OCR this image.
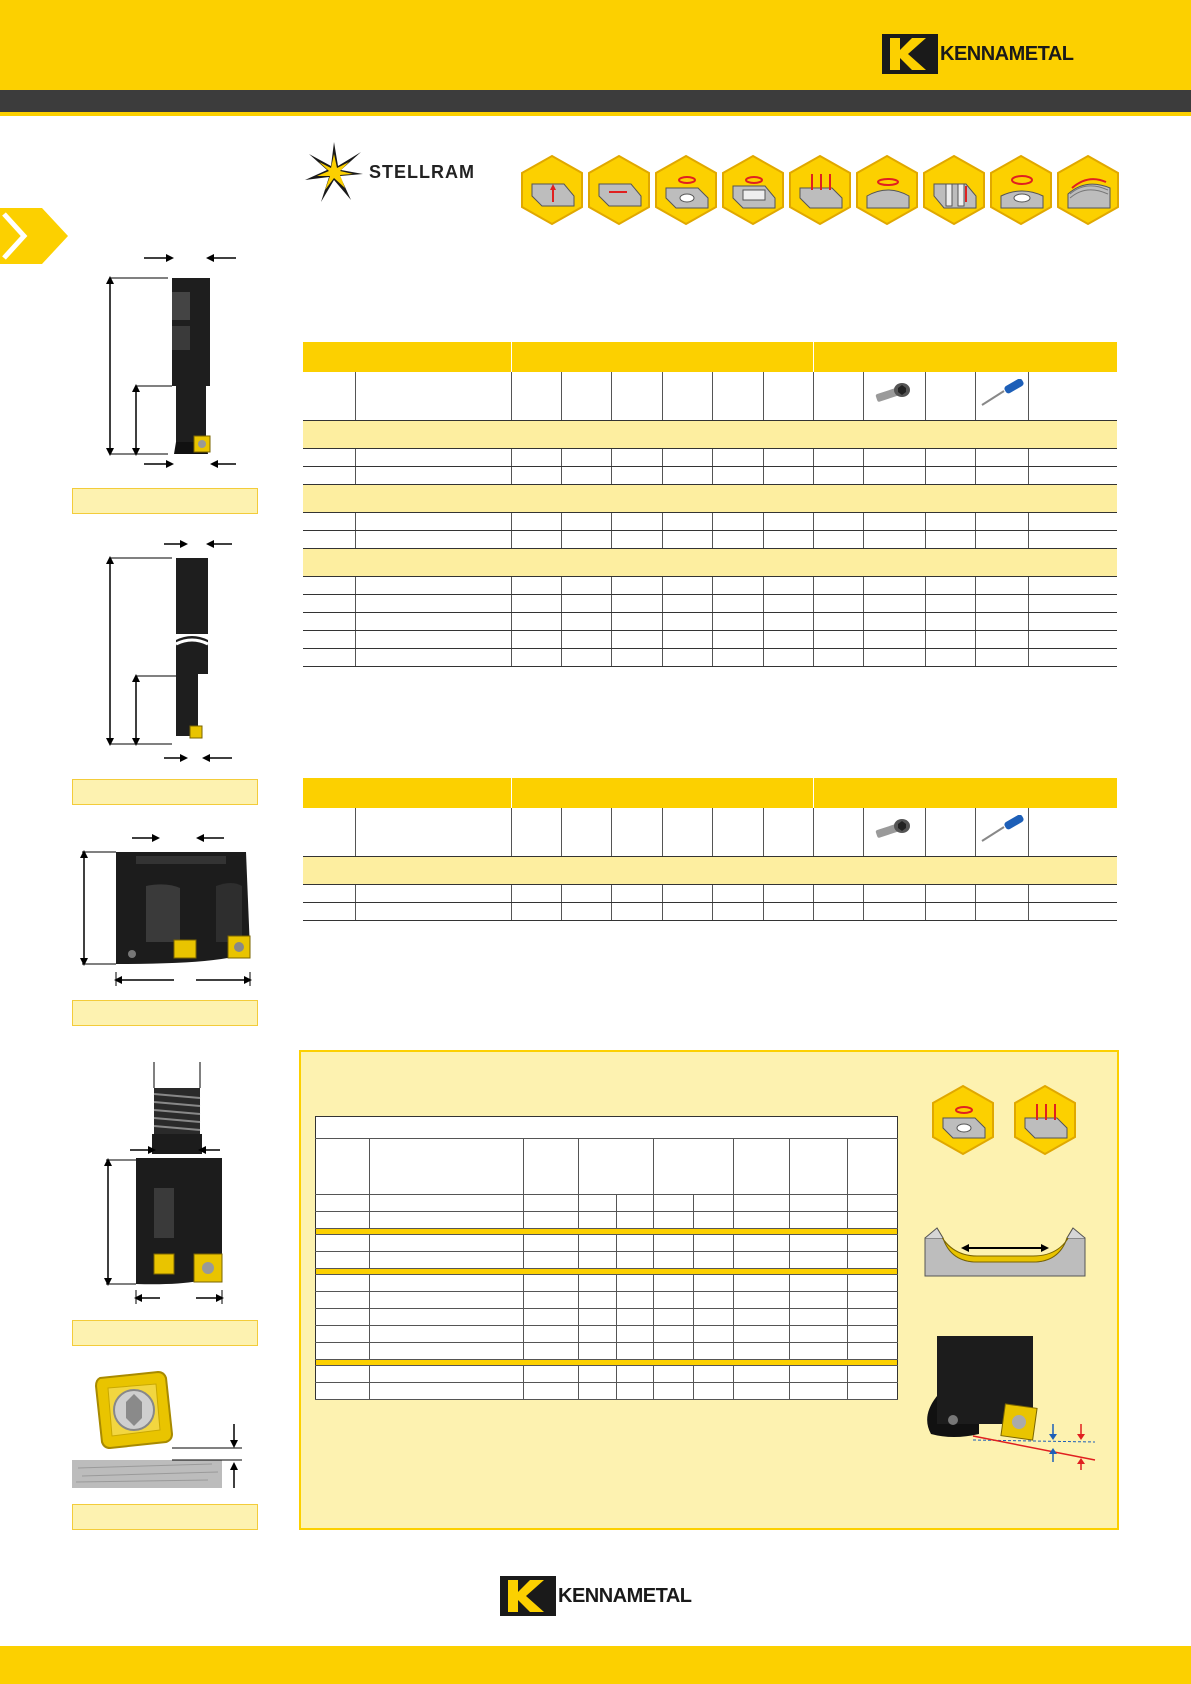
KENNAMETAL
STELLRAM

KENNAMETAL
